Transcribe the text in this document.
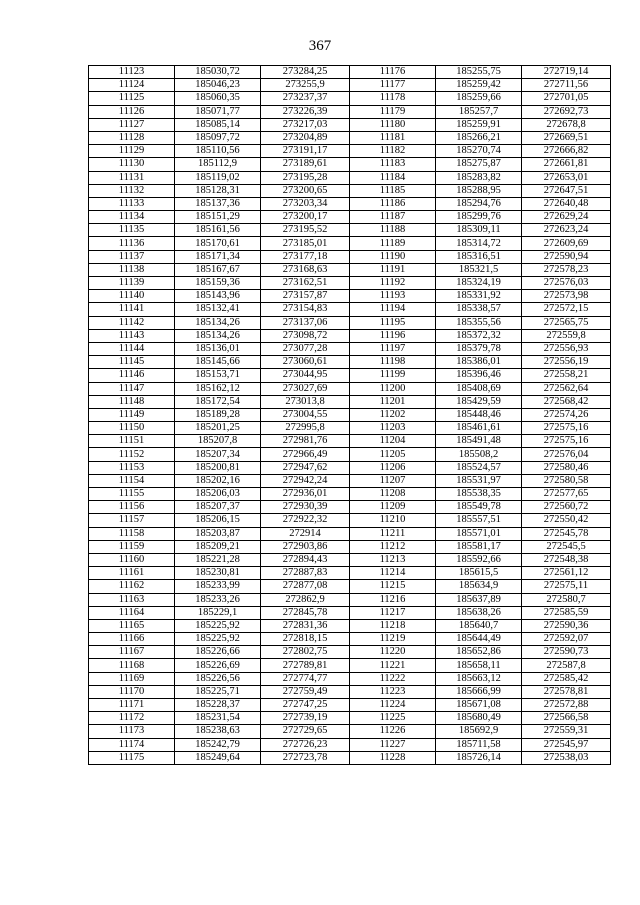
367
11123	185030,72	273284,25	11176	185255,75	272719,14
11124	185046,23	273255,9	11177	185259,42	272711,56
11125	185060,35	273237,37	11178	185259,66	272701,05
11126	185071,77	273226,39	11179	185257,7	272692,73
11127	185085,14	273217,03	11180	185259,91	272678,8
11128	185097,72	273204,89	11181	185266,21	272669,51
11129	185110,56	273191,17	11182	185270,74	272666,82
11130	185112,9	273189,61	11183	185275,87	272661,81
11131	185119,02	273195,28	11184	185283,82	272653,01
11132	185128,31	273200,65	11185	185288,95	272647,51
11133	185137,36	273203,34	11186	185294,76	272640,48
11134	185151,29	273200,17	11187	185299,76	272629,24
11135	185161,56	273195,52	11188	185309,11	272623,24
11136	185170,61	273185,01	11189	185314,72	272609,69
11137	185171,34	273177,18	11190	185316,51	272590,94
11138	185167,67	273168,63	11191	185321,5	272578,23
11139	185159,36	273162,51	11192	185324,19	272576,03
11140	185143,96	273157,87	11193	185331,92	272573,98
11141	185132,41	273154,83	11194	185338,57	272572,15
11142	185134,26	273137,06	11195	185355,56	272565,75
11143	185134,26	273098,72	11196	185372,32	272559,8
11144	185136,01	273077,28	11197	185379,78	272556,93
11145	185145,66	273060,61	11198	185386,01	272556,19
11146	185153,71	273044,95	11199	185396,46	272558,21
11147	185162,12	273027,69	11200	185408,69	272562,64
11148	185172,54	273013,8	11201	185429,59	272568,42
11149	185189,28	273004,55	11202	185448,46	272574,26
11150	185201,25	272995,8	11203	185461,61	272575,16
11151	185207,8	272981,76	11204	185491,48	272575,16
11152	185207,34	272966,49	11205	185508,2	272576,04
11153	185200,81	272947,62	11206	185524,57	272580,46
11154	185202,16	272942,24	11207	185531,97	272580,58
11155	185206,03	272936,01	11208	185538,35	272577,65
11156	185207,37	272930,39	11209	185549,78	272560,72
11157	185206,15	272922,32	11210	185557,51	272550,42
11158	185203,87	272914	11211	185571,01	272545,78
11159	185209,21	272903,86	11212	185581,17	272545,5
11160	185221,28	272894,43	11213	185592,66	272548,38
11161	185230,81	272887,83	11214	185615,5	272561,12
11162	185233,99	272877,08	11215	185634,9	272575,11
11163	185233,26	272862,9	11216	185637,89	272580,7
11164	185229,1	272845,78	11217	185638,26	272585,59
11165	185225,92	272831,36	11218	185640,7	272590,36
11166	185225,92	272818,15	11219	185644,49	272592,07
11167	185226,66	272802,75	11220	185652,86	272590,73
11168	185226,69	272789,81	11221	185658,11	272587,8
11169	185226,56	272774,77	11222	185663,12	272585,42
11170	185225,71	272759,49	11223	185666,99	272578,81
11171	185228,37	272747,25	11224	185671,08	272572,88
11172	185231,54	272739,19	11225	185680,49	272566,58
11173	185238,63	272729,65	11226	185692,9	272559,31
11174	185242,79	272726,23	11227	185711,58	272545,97
11175	185249,64	272723,78	11228	185726,14	272538,03
